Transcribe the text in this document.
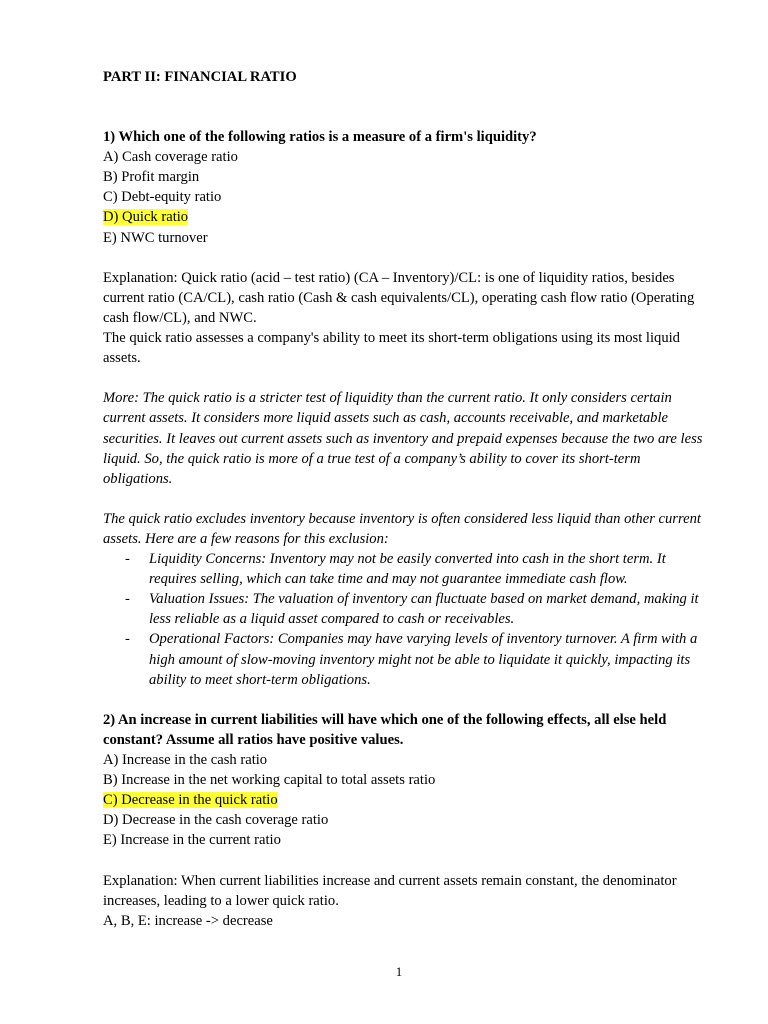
PART II: FINANCIAL RATIO

1) Which one of the following ratios is a measure of a firm's liquidity?

A) Cash coverage ratio

B) Profit margin

C) Debt-equity ratio

D) Quick ratio

E) NWC turnover

Explanation: Quick ratio (acid – test ratio) (CA – Inventory)/CL: is one of liquidity ratios, besides current ratio (CA/CL), cash ratio (Cash & cash equivalents/CL), operating cash flow ratio (Operating cash flow/CL), and NWC.

The quick ratio assesses a company's ability to meet its short-term obligations using its most liquid assets.

More: The quick ratio is a stricter test of liquidity than the current ratio. It only considers certain current assets. It considers more liquid assets such as cash, accounts receivable, and marketable securities. It leaves out current assets such as inventory and prepaid expenses because the two are less liquid. So, the quick ratio is more of a true test of a company’s ability to cover its short-term obligations.

The quick ratio excludes inventory because inventory is often considered less liquid than other current assets. Here are a few reasons for this exclusion:

- Liquidity Concerns: Inventory may not be easily converted into cash in the short term. It requires selling, which can take time and may not guarantee immediate cash flow.
- Valuation Issues: The valuation of inventory can fluctuate based on market demand, making it less reliable as a liquid asset compared to cash or receivables.
- Operational Factors: Companies may have varying levels of inventory turnover. A firm with a high amount of slow-moving inventory might not be able to liquidate it quickly, impacting its ability to meet short-term obligations.

2) An increase in current liabilities will have which one of the following effects, all else held constant? Assume all ratios have positive values.

A) Increase in the cash ratio

B) Increase in the net working capital to total assets ratio

C) Decrease in the quick ratio

D) Decrease in the cash coverage ratio

E) Increase in the current ratio

Explanation: When current liabilities increase and current assets remain constant, the denominator increases, leading to a lower quick ratio.

A, B, E: increase -> decrease

1
